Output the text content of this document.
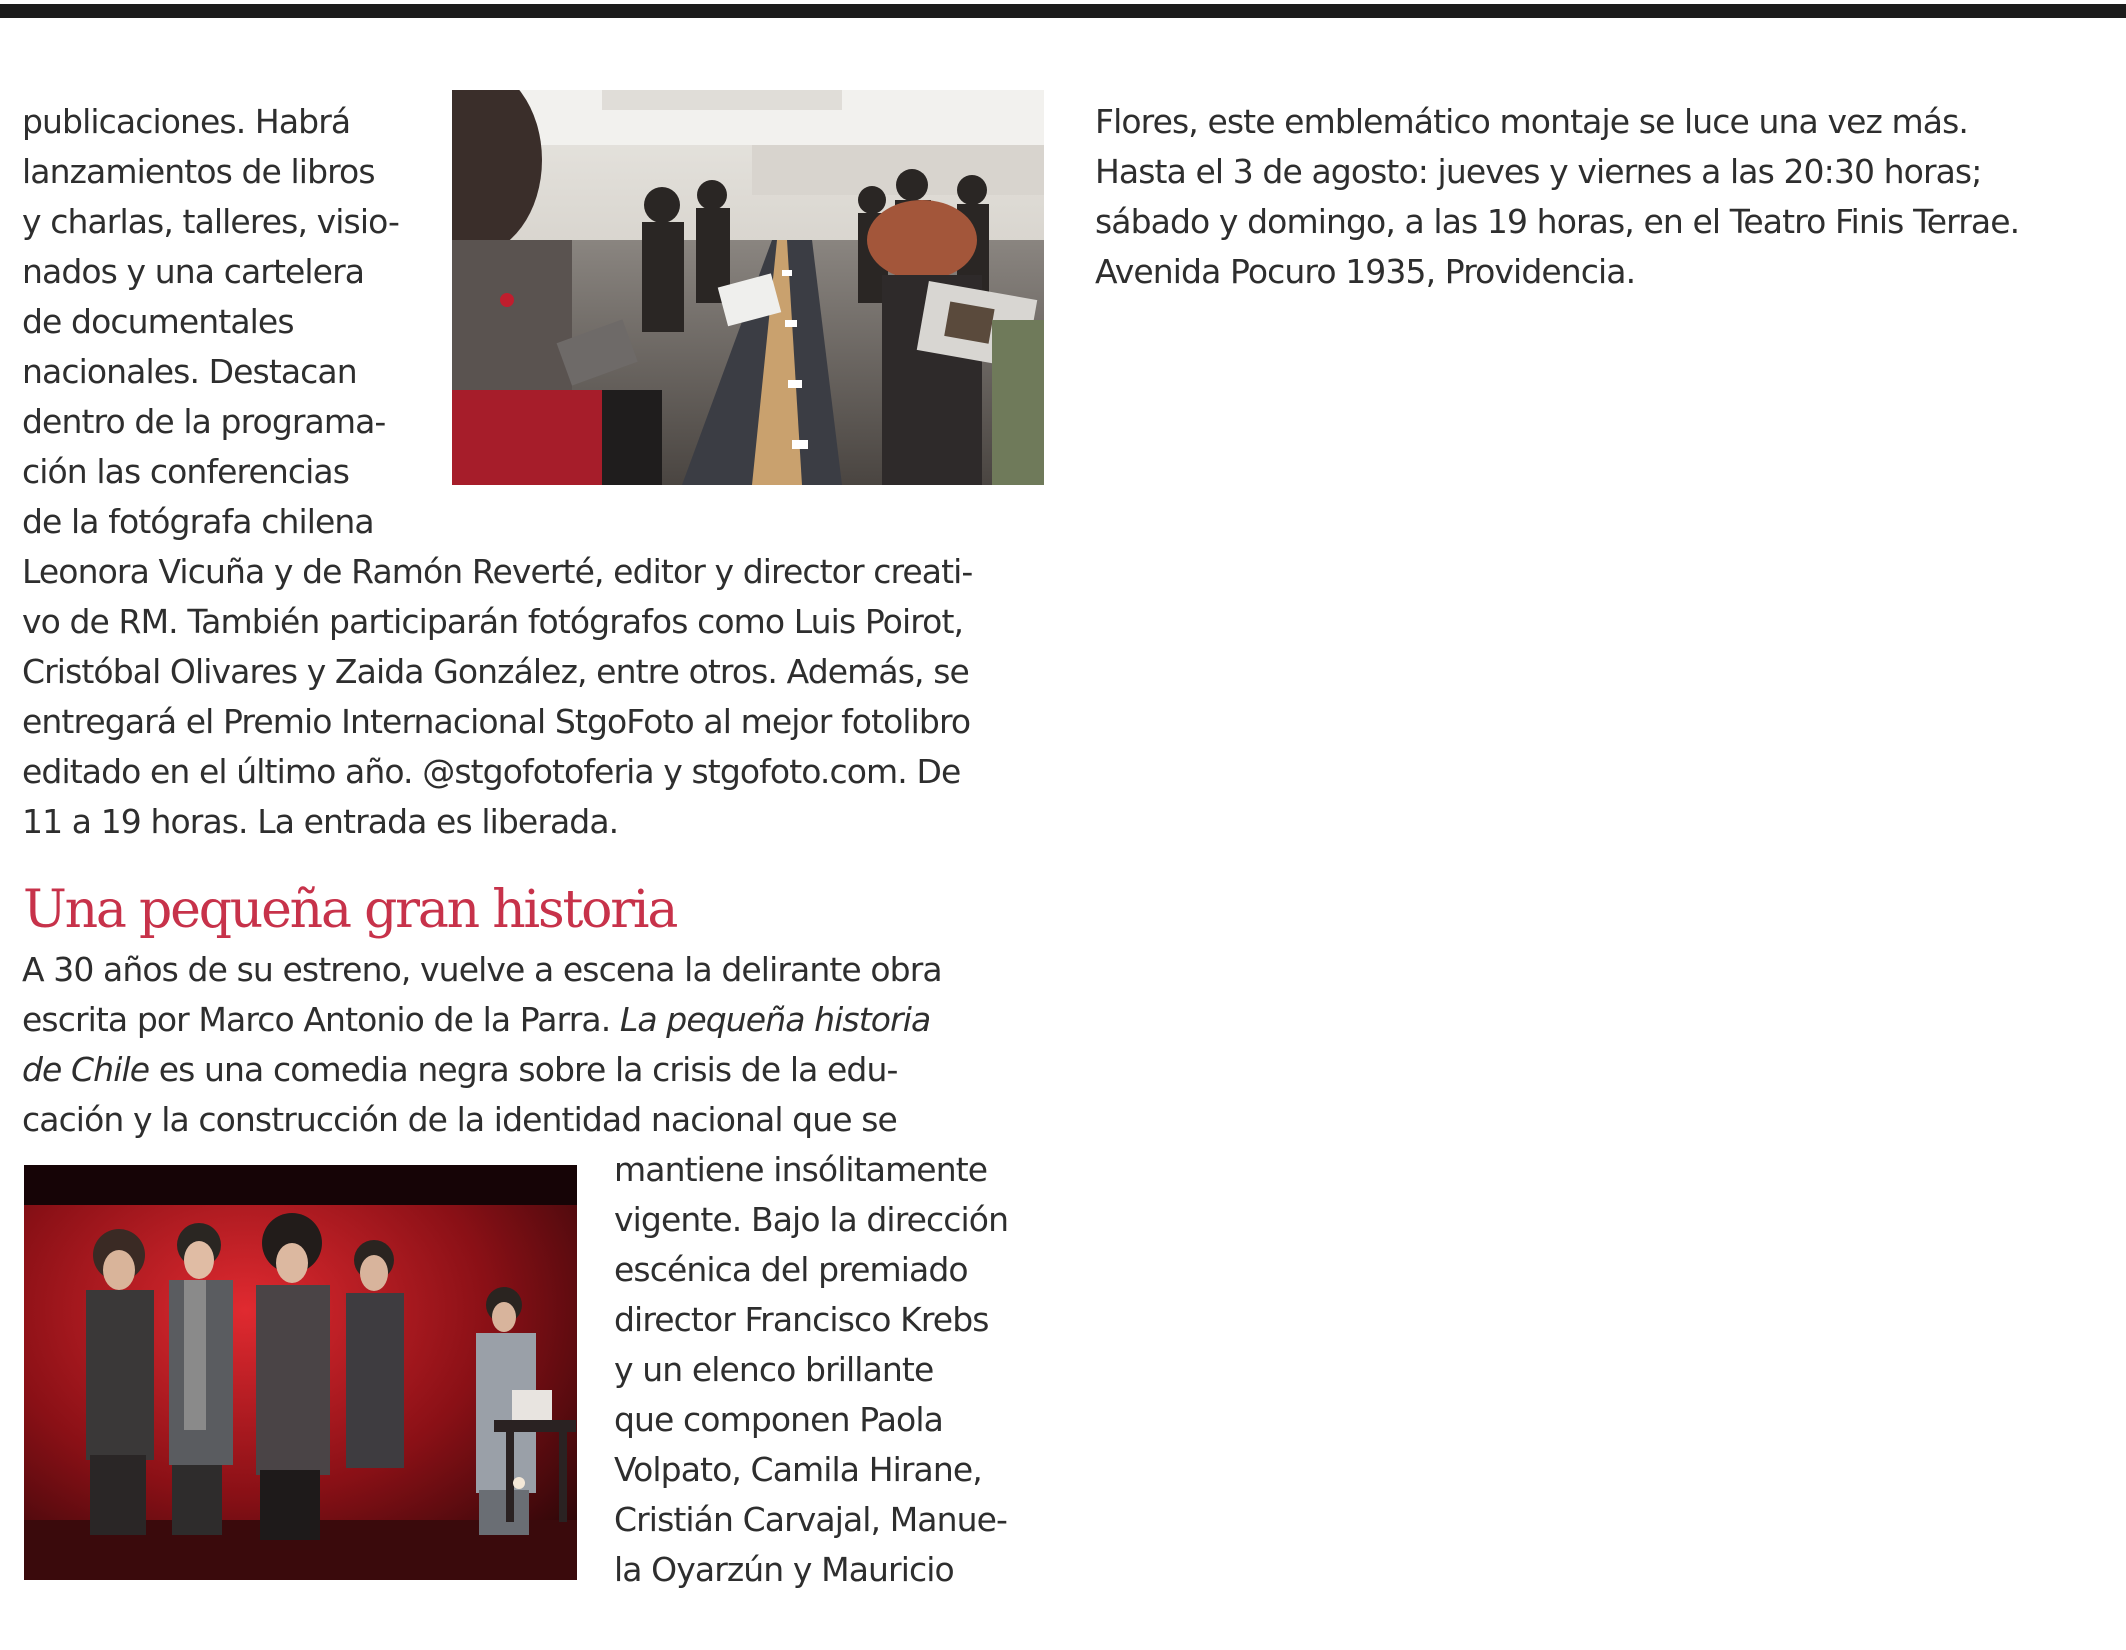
publicaciones. Habrá
lanzamientos de libros
y charlas, talleres, visio-
nados y una cartelera
de documentales
nacionales. Destacan
dentro de la programa-
ción las conferencias
de la fotógrafa chilena
Leonora Vicuña y de Ramón Reverté, editor y director creati-
vo de RM. También participarán fotógrafos como Luis Poirot,
Cristóbal Olivares y Zaida González, entre otros. Además, se
entregará el Premio Internacional StgoFoto al mejor fotolibro
editado en el último año. @stgofotoferia y stgofoto.com. De
11 a 19 horas. La entrada es liberada.
Una pequeña gran historia
A 30 años de su estreno, vuelve a escena la delirante obra
escrita por Marco Antonio de la Parra. La pequeña historia
de Chile es una comedia negra sobre la crisis de la edu-
cación y la construcción de la identidad nacional que se
mantiene insólitamente
vigente. Bajo la dirección
escénica del premiado
director Francisco Krebs
y un elenco brillante
que componen Paola
Volpato, Camila Hirane,
Cristián Carvajal, Manue-
la Oyarzún y Mauricio
Flores, este emblemático montaje se luce una vez más.
Hasta el 3 de agosto: jueves y viernes a las 20:30 horas;
sábado y domingo, a las 19 horas, en el Teatro Finis Terrae.
Avenida Pocuro 1935, Providencia.
